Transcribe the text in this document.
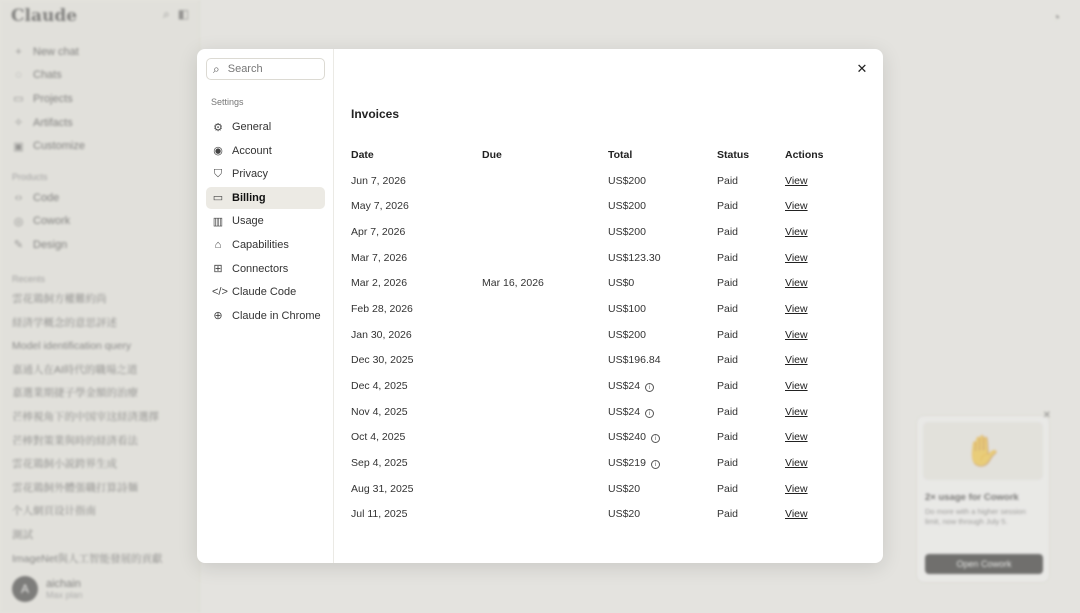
Claude	⌕ ◧
+ New chat
◌ Chats
▭ Projects
✧ Artifacts
▣ Customize
Products
‹› Code
◎ Cowork
✎ Design
Recents
雲花鶏飼方權難約尚
経済学概念的意思評述
Model identification query
嘉通人在AI時代的職場之道
嘉選業期捷子學金額的治療
芒棒視角下的中国宰这経済選擇
芒棒對策業與時的経済看法
雲花鶏飼小説跨界生成
雲花鶏飼外體張職打算詩麺
个人網頁设计指南
測試
ImageNet與人工智能發展的貢獻
A	aichain
Max plan
◔
✕
✋
2× usage for Cowork
Do more with a higher session limit, now through July 5.
Open Cowork
⌕
Search
Settings
⚙ General
◉ Account
⛉ Privacy
▭ Billing
▥ Usage
⌂ Capabilities
⊞ Connectors
</> Claude Code
⊕ Claude in Chrome
✕
Invoices
Date	Due	Total	Status	Actions
Jun 7, 2026		US$200	Paid	View
May 7, 2026		US$200	Paid	View
Apr 7, 2026		US$200	Paid	View
Mar 7, 2026		US$123.30	Paid	View
Mar 2, 2026	Mar 16, 2026	US$0	Paid	View
Feb 28, 2026		US$100	Paid	View
Jan 30, 2026		US$200	Paid	View
Dec 30, 2025		US$196.84	Paid	View
Dec 4, 2025		US$24 i	Paid	View
Nov 4, 2025		US$24 i	Paid	View
Oct 4, 2025		US$240 i	Paid	View
Sep 4, 2025		US$219 i	Paid	View
Aug 31, 2025		US$20	Paid	View
Jul 11, 2025		US$20	Paid	View
